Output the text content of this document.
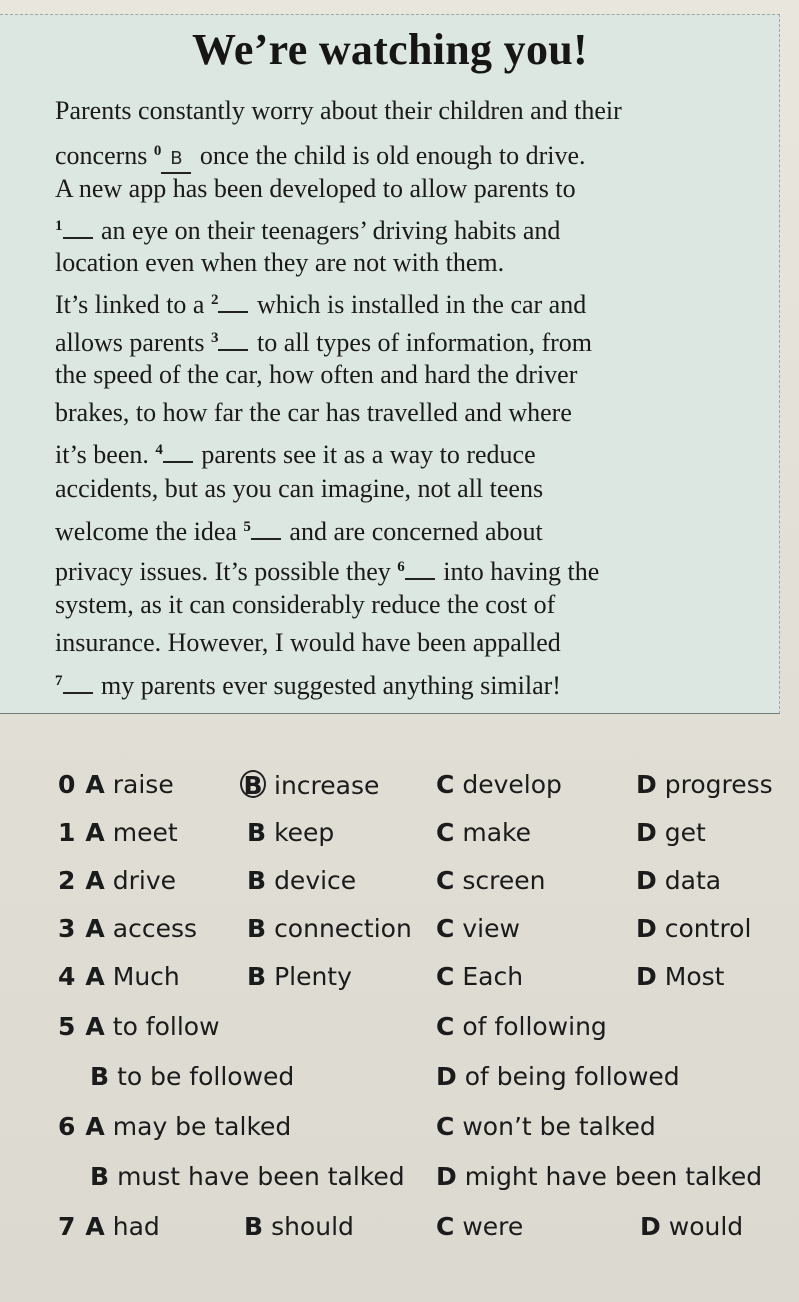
We’re watching you!
Parents constantly worry about their children and their
concerns $^0$ B once the child is old enough to drive.
A new app has been developed to allow parents to
$^1$ an eye on their teenagers’ driving habits and
location even when they are not with them.
It’s linked to a $^2$ which is installed in the car and
allows parents $^3$ to all types of information, from
the speed of the car, how often and hard the driver
brakes, to how far the car has travelled and where
it’s been. $^4$ parents see it as a way to reduce
accidents, but as you can imagine, not all teens
welcome the idea $^5$ and are concerned about
privacy issues. It’s possible they $^6$ into having the
system, as it can considerably reduce the cost of
insurance. However, I would have been appalled
$^7$ my parents ever suggested anything similar!
0 A raise	B increase C develop	D progress
1 A meet	B keep	C make	D get
2 A drive	B device	C screen	D data
3 A access B connection C view	D control
4 A Much	B Plenty	C Each	D Most
5 A to follow	C of following
B to be followed	D of being followed
6 A may be talked	C won’t be talked
B must have been talked D might have been talked
7 A had	B should	C were	D would
